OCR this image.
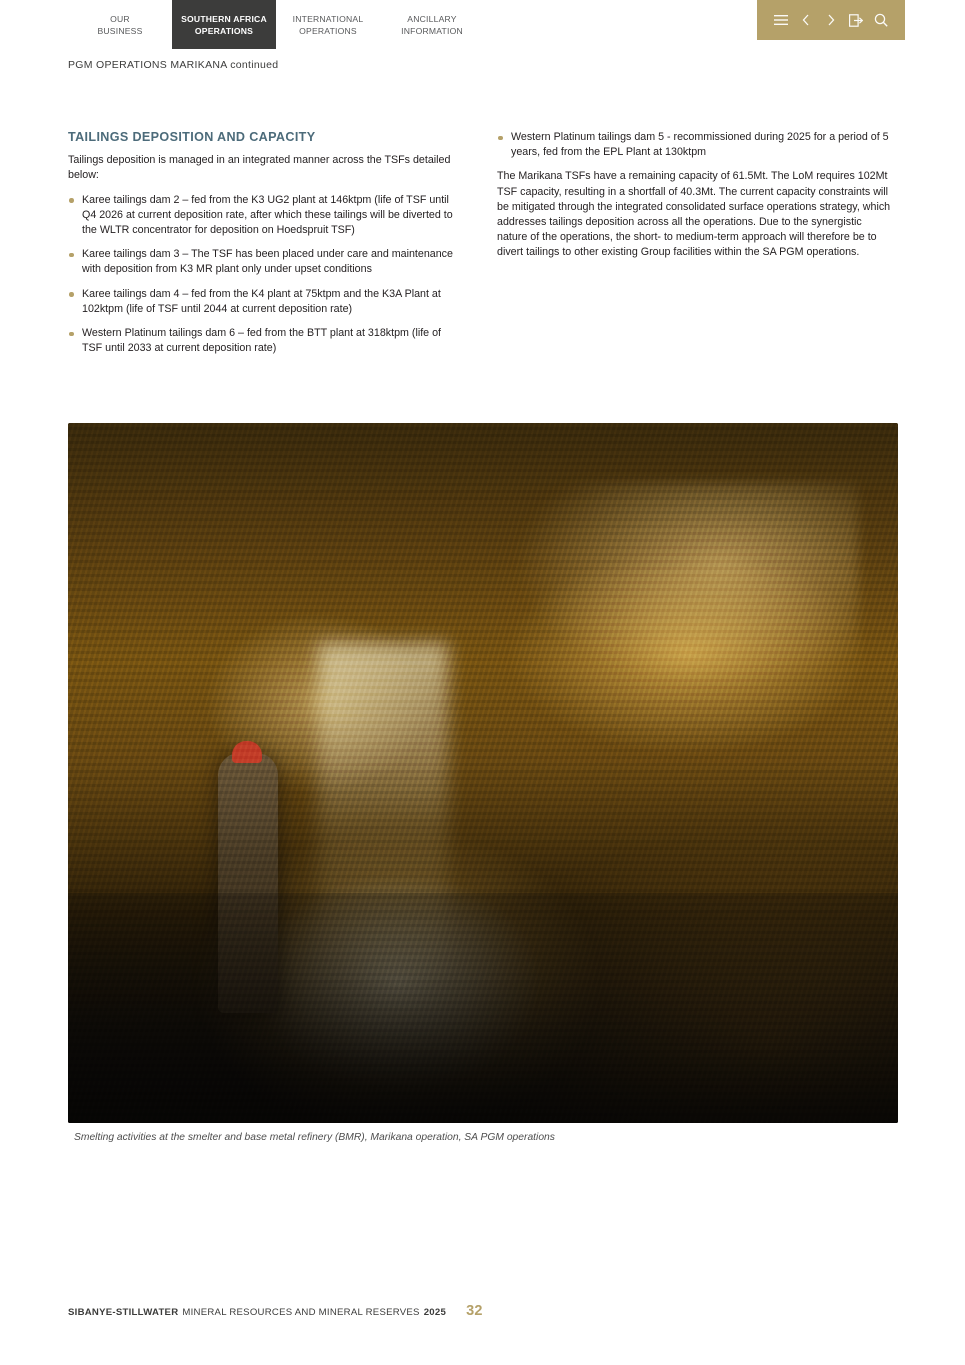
OUR
BUSINESS
SOUTHERN AFRICA
OPERATIONS
INTERNATIONAL
OPERATIONS
ANCILLARY
INFORMATION
PGM OPERATIONS MARIKANA continued
TAILINGS DEPOSITION AND CAPACITY

Tailings deposition is managed in an integrated manner across the TSFs detailed below:

Karee tailings dam 2 – fed from the K3 UG2 plant at 146ktpm (life of TSF until Q4 2026 at current deposition rate, after which these tailings will be diverted to the WLTR concentrator for deposition on Hoedspruit TSF)
Karee tailings dam 3 – The TSF has been placed under care and maintenance with deposition from K3 MR plant only under upset conditions
Karee tailings dam 4 – fed from the K4 plant at 75ktpm and the K3A Plant at 102ktpm (life of TSF until 2044 at current deposition rate)
Western Platinum tailings dam 6 – fed from the BTT plant at 318ktpm (life of TSF until 2033 at current deposition rate)
Western Platinum tailings dam 5 - recommissioned during 2025 for a period of 5 years, fed from the EPL Plant at 130ktpm

The Marikana TSFs have a remaining capacity of 61.5Mt. The LoM requires 102Mt TSF capacity, resulting in a shortfall of 40.3Mt. The current capacity constraints will be mitigated through the integrated consolidated surface operations strategy, which addresses tailings deposition across all the operations. Due to the synergistic nature of the operations, the short- to medium-term approach will therefore be to divert tailings to other existing Group facilities within the SA PGM operations.

Smelting activities at the smelter and base metal refinery (BMR), Marikana operation, SA PGM operations
SIBANYE-STILLWATER MINERAL RESOURCES AND MINERAL RESERVES 2025 32
